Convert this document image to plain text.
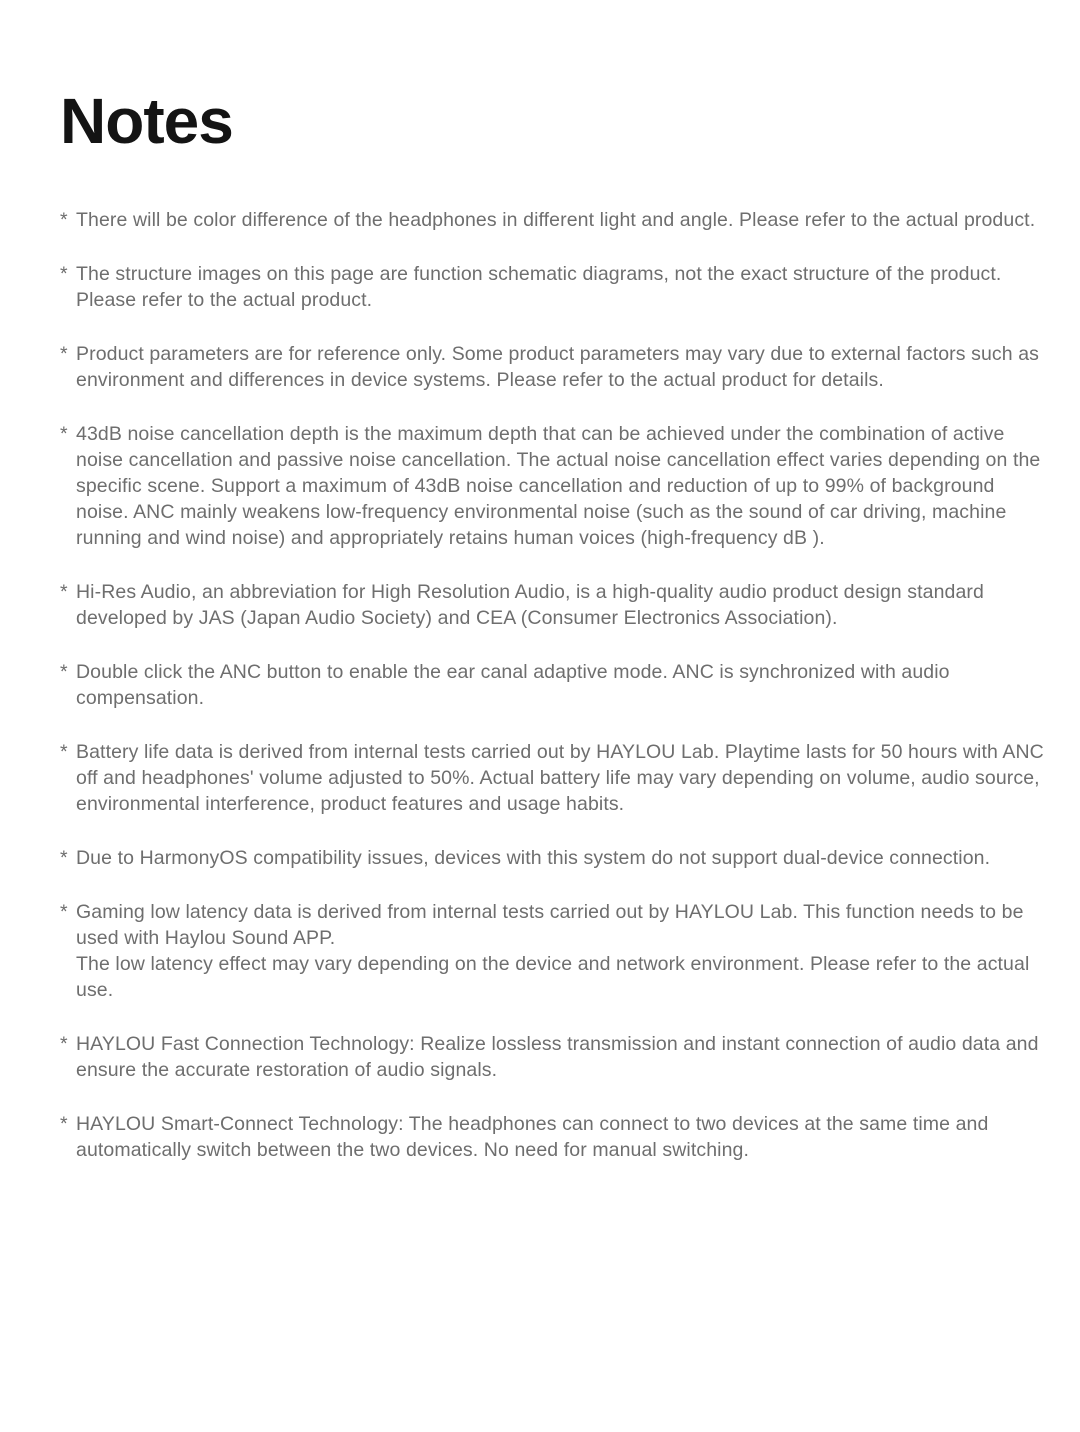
Notes
* There will be color difference of the headphones in different light and angle. Please refer to the actual product.
* The structure images on this page are function schematic diagrams, not the exact structure of the product. Please refer to the actual product.
* Product parameters are for reference only. Some product parameters may vary due to external factors such as environment and differences in device systems. Please refer to the actual product for details.
* 43dB noise cancellation depth is the maximum depth that can be achieved under the combination of active noise cancellation and passive noise cancellation. The actual noise cancellation effect varies depending on the specific scene. Support a maximum of 43dB noise cancellation and reduction of up to 99% of background noise. ANC mainly weakens low-frequency environmental noise (such as the sound of car driving, machine running and wind noise) and appropriately retains human voices (high-frequency dB ).
* Hi-Res Audio, an abbreviation for High Resolution Audio, is a high-quality audio product design standard developed by JAS (Japan Audio Society) and CEA (Consumer Electronics Association).
* Double click the ANC button to enable the ear canal adaptive mode. ANC is synchronized with audio compensation.
* Battery life data is derived from internal tests carried out by HAYLOU Lab. Playtime lasts for 50 hours with ANC off and headphones' volume adjusted to 50%. Actual battery life may vary depending on volume, audio source, environmental interference, product features and usage habits.
* Due to HarmonyOS compatibility issues, devices with this system do not support dual-device connection.
* Gaming low latency data is derived from internal tests carried out by HAYLOU Lab. This function needs to be used with Haylou Sound APP.
The low latency effect may vary depending on the device and network environment. Please refer to the actual use.
* HAYLOU Fast Connection Technology: Realize lossless transmission and instant connection of audio data and ensure the accurate restoration of audio signals.
* HAYLOU Smart-Connect Technology: The headphones can connect to two devices at the same time and automatically switch between the two devices. No need for manual switching.
